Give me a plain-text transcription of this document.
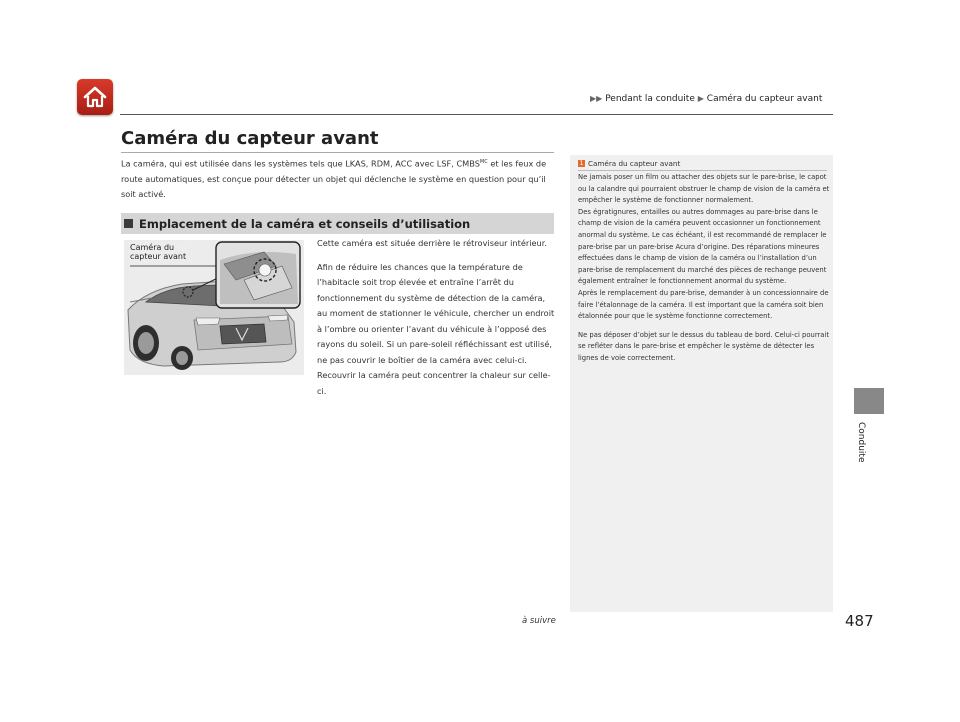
▶▶ Pendant la conduite ▶ Caméra du capteur avant
Caméra du capteur avant

La caméra, qui est utilisée dans les systèmes tels que LKAS, RDM, ACC avec LSF, $CMBS^{MC}$ et les feux de route automatiques, est conçue pour détecter un objet qui déclenche le système en question pour qu’il soit activé.

Emplacement de la caméra et conseils d’utilisation
Caméra du
capteur avant

Cette caméra est située derrière le rétroviseur intérieur.

Afin de réduire les chances que la température de l’habitacle soit trop élevée et entraîne l’arrêt du fonctionnement du système de détection de la caméra, au moment de stationner le véhicule, chercher un endroit à l’ombre ou orienter l’avant du véhicule à l’opposé des rayons du soleil. Si un pare-soleil réfléchissant est utilisé, ne pas couvrir le boîtier de la caméra avec celui-ci. Recouvrir la caméra peut concentrer la chaleur sur celle-ci.

1 Caméra du capteur avant

Ne jamais poser un film ou attacher des objets sur le pare-brise, le capot ou la calandre qui pourraient obstruer le champ de vision de la caméra et empêcher le système de fonctionner normalement.

Des égratignures, entailles ou autres dommages au pare-brise dans le champ de vision de la caméra peuvent occasionner un fonctionnement anormal du système. Le cas échéant, il est recommandé de remplacer le pare-brise par un pare-brise Acura d’origine. Des réparations mineures effectuées dans le champ de vision de la caméra ou l’installation d’un pare-brise de remplacement du marché des pièces de rechange peuvent également entraîner le fonctionnement anormal du système.

Après le remplacement du pare-brise, demander à un concessionnaire de faire l’étalonnage de la caméra. Il est important que la caméra soit bien étalonnée pour que le système fonctionne correctement.

Ne pas déposer d’objet sur le dessus du tableau de bord. Celui-ci pourrait se refléter dans le pare-brise et empêcher le système de détecter les lignes de voie correctement.

Conduite
à suivre	487
